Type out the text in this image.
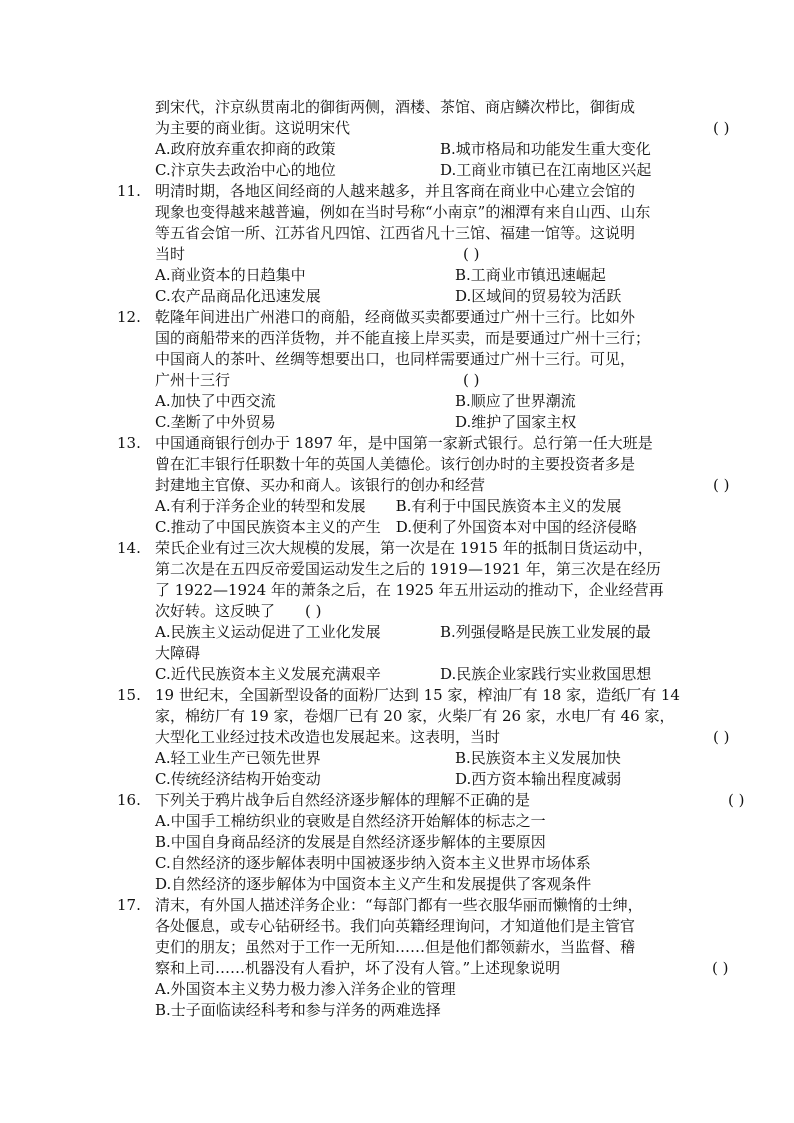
到宋代，汴京纵贯南北的御街两侧，酒楼、茶馆、商店鳞次栉比，御街成
为主要的商业街。这说明宋代	( )
A.政府放弃重农抑商的政策	B.城市格局和功能发生重大变化
C.汴京失去政治中心的地位	D.工商业市镇已在江南地区兴起
11. 明清时期，各地区间经商的人越来越多，并且客商在商业中心建立会馆的
现象也变得越来越普遍，例如在当时号称“小南京”的湘潭有来自山西、山东
等五省会馆一所、江苏省凡四馆、江西省凡十三馆、福建一馆等。这说明
当时	( )
A.商业资本的日趋集中	B.工商业市镇迅速崛起
C.农产品商品化迅速发展	D.区域间的贸易较为活跃
12. 乾隆年间进出广州港口的商船，经商做买卖都要通过广州十三行。比如外
国的商船带来的西洋货物，并不能直接上岸买卖，而是要通过广州十三行；
中国商人的茶叶、丝绸等想要出口，也同样需要通过广州十三行。可见，
广州十三行	( )
A.加快了中西交流	B.顺应了世界潮流
C.垄断了中外贸易	D.维护了国家主权
13. 中国通商银行创办于 1897 年，是中国第一家新式银行。总行第一任大班是
曾在汇丰银行任职数十年的英国人美德伦。该行创办时的主要投资者多是
封建地主官僚、买办和商人。该银行的创办和经营	( )
A.有利于洋务企业的转型和发展　　B.有利于中国民族资本主义的发展
C.推动了中国民族资本主义的产生　D.便利了外国资本对中国的经济侵略
14. 荣氏企业有过三次大规模的发展，第一次是在 1915 年的抵制日货运动中，
第二次是在五四反帝爱国运动发生之后的 1919—1921 年，第三次是在经历
了 1922—1924 年的萧条之后，在 1925 年五卅运动的推动下，企业经营再
次好转。这反映了　　( )
A.民族主义运动促进了工业化发展	B.列强侵略是民族工业发展的最
大障碍
C.近代民族资本主义发展充满艰辛	D.民族企业家践行实业救国思想
15. 19 世纪末，全国新型设备的面粉厂达到 15 家，榨油厂有 18 家，造纸厂有 14
家，棉纺厂有 19 家，卷烟厂已有 20 家，火柴厂有 26 家，水电厂有 46 家，
大型化工业经过技术改造也发展起来。这表明，当时	( )
A.轻工业生产已领先世界	B.民族资本主义发展加快
C.传统经济结构开始变动	D.西方资本输出程度减弱
16. 下列关于鸦片战争后自然经济逐步解体的理解不正确的是	( )
A.中国手工棉纺织业的衰败是自然经济开始解体的标志之一
B.中国自身商品经济的发展是自然经济逐步解体的主要原因
C.自然经济的逐步解体表明中国被逐步纳入资本主义世界市场体系
D.自然经济的逐步解体为中国资本主义产生和发展提供了客观条件
17. 清末，有外国人描述洋务企业：“每部门都有一些衣服华丽而懒惰的士绅，
各处偃息，或专心钻研经书。我们向英籍经理询问，才知道他们是主管官
吏们的朋友；虽然对于工作一无所知……但是他们都领薪水，当监督、稽
察和上司……机器没有人看护，坏了没有人管。”上述现象说明	( )
A.外国资本主义势力极力渗入洋务企业的管理
B.士子面临读经科考和参与洋务的两难选择
